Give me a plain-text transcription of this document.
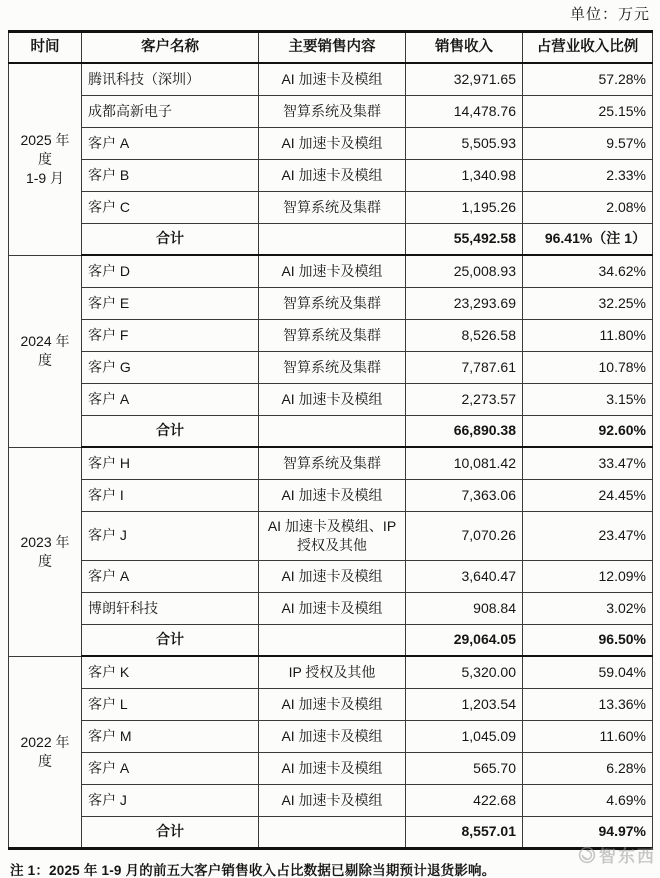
单位：万元
时间	客户名称	主要销售内容	销售收入	占营业收入比例

2025 年度
1-9 月	腾讯科技（深圳）	AI 加速卡及模组	32,971.65	57.28%
	成都高新电子	智算系统及集群	14,478.76	25.15%
	客户 A	AI 加速卡及模组	5,505.93	9.57%
	客户 B	AI 加速卡及模组	1,340.98	2.33%
	客户 C	智算系统及集群	1,195.26	2.08%
	合计		55,492.58	96.41%（注 1）

2024 年度	客户 D	AI 加速卡及模组	25,008.93	34.62%
	客户 E	智算系统及集群	23,293.69	32.25%
	客户 F	智算系统及集群	8,526.58	11.80%
	客户 G	智算系统及集群	7,787.61	10.78%
	客户 A	AI 加速卡及模组	2,273.57	3.15%
	合计		66,890.38	92.60%

2023 年度	客户 H	智算系统及集群	10,081.42	33.47%
	客户 I	AI 加速卡及模组	7,363.06	24.45%
	客户 J	AI 加速卡及模组、IP 授权及其他	7,070.26	23.47%
	客户 A	AI 加速卡及模组	3,640.47	12.09%
	博朗轩科技	AI 加速卡及模组	908.84	3.02%
	合计		29,064.05	96.50%

2022 年度	客户 K	IP 授权及其他	5,320.00	59.04%
	客户 L	AI 加速卡及模组	1,203.54	13.36%
	客户 M	AI 加速卡及模组	1,045.09	11.60%
	客户 A	AI 加速卡及模组	565.70	6.28%
	客户 J	AI 加速卡及模组	422.68	4.69%
	合计		8,557.01	94.97%
注 1：2025 年 1-9 月的前五大客户销售收入占比数据已剔除当期预计退货影响。
智东西
